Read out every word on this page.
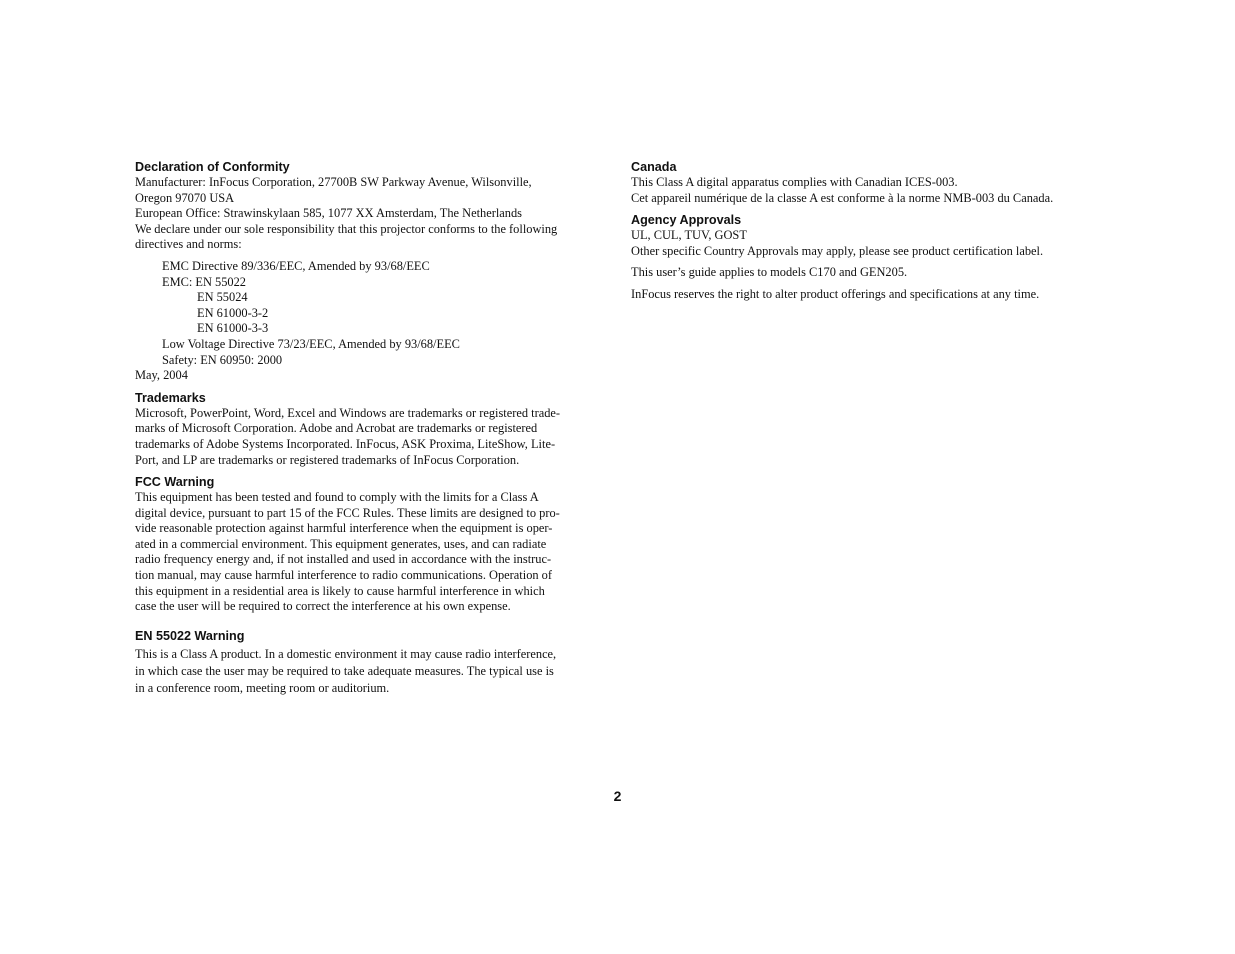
Declaration of Conformity

Manufacturer: InFocus Corporation, 27700B SW Parkway Avenue, Wilsonville,

Oregon 97070 USA

European Office: Strawinskylaan 585, 1077 XX Amsterdam, The Netherlands

We declare under our sole responsibility that this projector conforms to the following

directives and norms:

EMC Directive 89/336/EEC, Amended by 93/68/EEC

EMC: EN 55022

EN 55024

EN 61000-3-2

EN 61000-3-3

Low Voltage Directive 73/23/EEC, Amended by 93/68/EEC

Safety: EN 60950: 2000

May, 2004

Trademarks

Microsoft, PowerPoint, Word, Excel and Windows are trademarks or registered trade-

marks of Microsoft Corporation. Adobe and Acrobat are trademarks or registered

trademarks of Adobe Systems Incorporated. InFocus, ASK Proxima, LiteShow, Lite-

Port, and LP are trademarks or registered trademarks of InFocus Corporation.

FCC Warning

This equipment has been tested and found to comply with the limits for a Class A

digital device, pursuant to part 15 of the FCC Rules. These limits are designed to pro-

vide reasonable protection against harmful interference when the equipment is oper-

ated in a commercial environment. This equipment generates, uses, and can radiate

radio frequency energy and, if not installed and used in accordance with the instruc-

tion manual, may cause harmful interference to radio communications. Operation of

this equipment in a residential area is likely to cause harmful interference in which

case the user will be required to correct the interference at his own expense.

EN 55022 Warning

This is a Class A product. In a domestic environment it may cause radio interference,

in which case the user may be required to take adequate measures. The typical use is

in a conference room, meeting room or auditorium.

Canada

This Class A digital apparatus complies with Canadian ICES-003.

Cet appareil numérique de la classe A est conforme à la norme NMB-003 du Canada.

Agency Approvals

UL, CUL, TUV, GOST

Other specific Country Approvals may apply, please see product certification label.

This user’s guide applies to models C170 and GEN205.

InFocus reserves the right to alter product offerings and specifications at any time.

2
